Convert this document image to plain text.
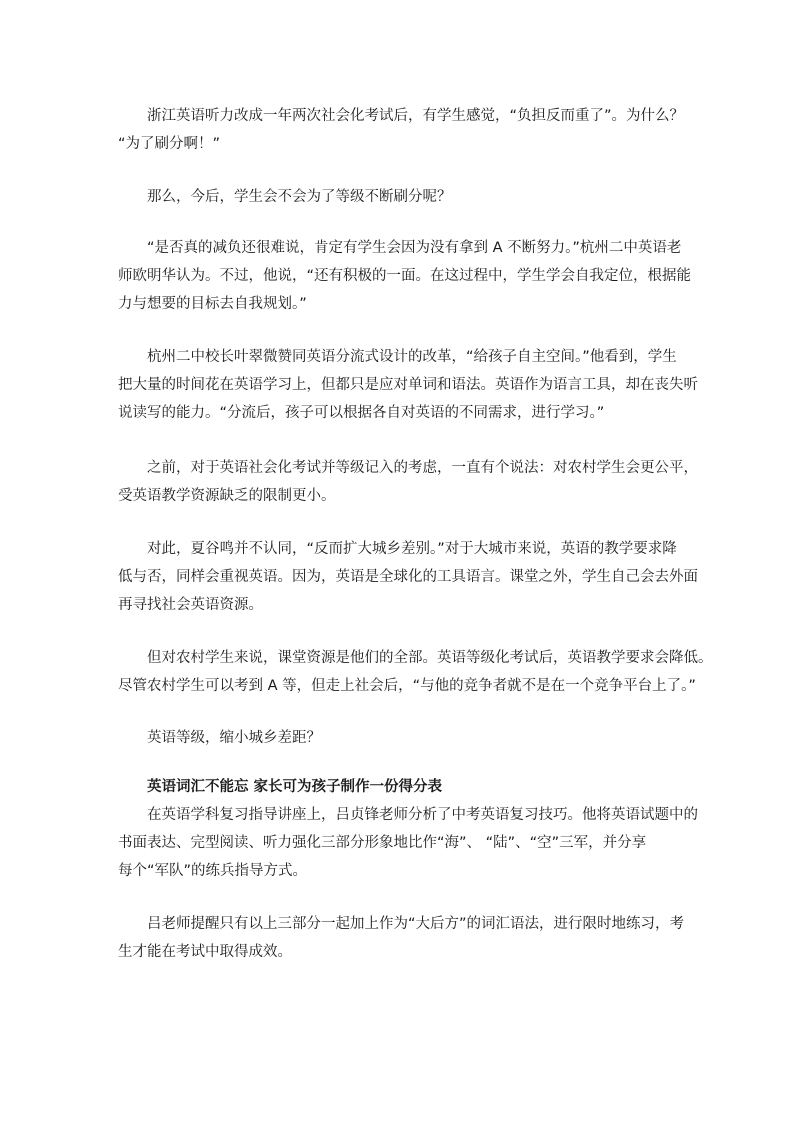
　　浙江英语听力改成一年两次社会化考试后，有学生感觉，“负担反而重了”。为什么？
“为了刷分啊！”

　　那么，今后，学生会不会为了等级不断刷分呢？

　　“是否真的减负还很难说，肯定有学生会因为没有拿到 A 不断努力。”杭州二中英语老
师欧明华认为。不过，他说，“还有积极的一面。在这过程中，学生学会自我定位，根据能
力与想要的目标去自我规划。”

　　杭州二中校长叶翠微赞同英语分流式设计的改革，“给孩子自主空间。”他看到，学生
把大量的时间花在英语学习上，但都只是应对单词和语法。英语作为语言工具，却在丧失听
说读写的能力。“分流后，孩子可以根据各自对英语的不同需求，进行学习。”

　　之前，对于英语社会化考试并等级记入的考虑，一直有个说法：对农村学生会更公平，
受英语教学资源缺乏的限制更小。

　　对此，夏谷鸣并不认同，“反而扩大城乡差别。”对于大城市来说，英语的教学要求降
低与否，同样会重视英语。因为，英语是全球化的工具语言。课堂之外，学生自己会去外面
再寻找社会英语资源。

　　但对农村学生来说，课堂资源是他们的全部。英语等级化考试后，英语教学要求会降低。
尽管农村学生可以考到 A 等，但走上社会后，“与他的竞争者就不是在一个竞争平台上了。”

　　英语等级，缩小城乡差距？

　　英语词汇不能忘 家长可为孩子制作一份得分表

　　在英语学科复习指导讲座上，吕贞锋老师分析了中考英语复习技巧。他将英语试题中的
书面表达、完型阅读、听力强化三部分形象地比作“海”、 “陆”、“空”三军，并分享
每个“军队”的练兵指导方式。

　　吕老师提醒只有以上三部分一起加上作为“大后方”的词汇语法，进行限时地练习，考
生才能在考试中取得成效。
